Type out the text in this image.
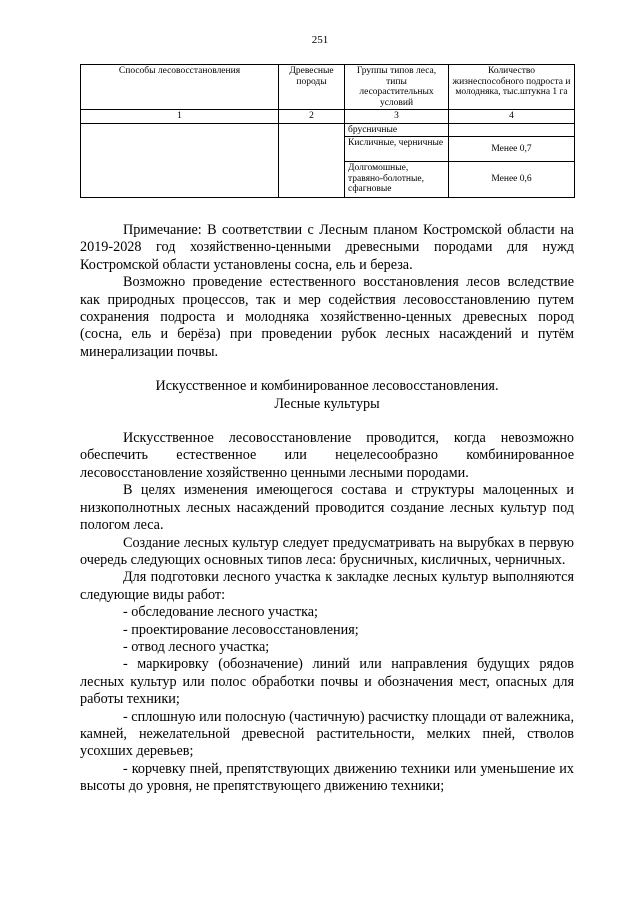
251
Способы лесовосстановления	Древесные породы	Группы типов леса, типы лесорастительных условий	Количество жизнеспособного подроста и молодняка, тыс.штукна 1 га
1	2	3	4
		брусничные	
		Кисличные, черничные	Менее 0,7
		Долгомошные, травяно-болотные, сфагновые	Менее 0,6

Примечание: В соответствии с Лесным планом Костромской области на 2019-2028 год хозяйственно-ценными древесными породами для нужд Костромской области установлены сосна, ель и береза.

Возможно проведение естественного восстановления лесов вследствие как природных процессов, так и мер содействия лесовосстановлению путем сохранения подроста и молодняка хозяйственно-ценных древесных пород (сосна, ель и берёза) при проведении рубок лесных насаждений и путём минерализации почвы.

Искусственное и комбинированное лесовосстановления.

Лесные культуры

Искусственное лесовосстановление проводится, когда невозможно обеспечить естественное или нецелесообразно комбинированное лесовосстановление хозяйственно ценными лесными породами.

В целях изменения имеющегося состава и структуры малоценных и низкополнотных лесных насаждений проводится создание лесных культур под пологом леса.

Создание лесных культур следует предусматривать на вырубках в первую очередь следующих основных типов леса: брусничных, кисличных, черничных.

Для подготовки лесного участка к закладке лесных культур выполняются следующие виды работ:

- обследование лесного участка;

- проектирование лесовосстановления;

- отвод лесного участка;

- маркировку (обозначение) линий или направления будущих рядов лесных культур или полос обработки почвы и обозначения мест, опасных для работы техники;

- сплошную или полосную (частичную) расчистку площади от валежника, камней, нежелательной древесной растительности, мелких пней, стволов усохших деревьев;

- корчевку пней, препятствующих движению техники или уменьшение их высоты до уровня, не препятствующего движению техники;
